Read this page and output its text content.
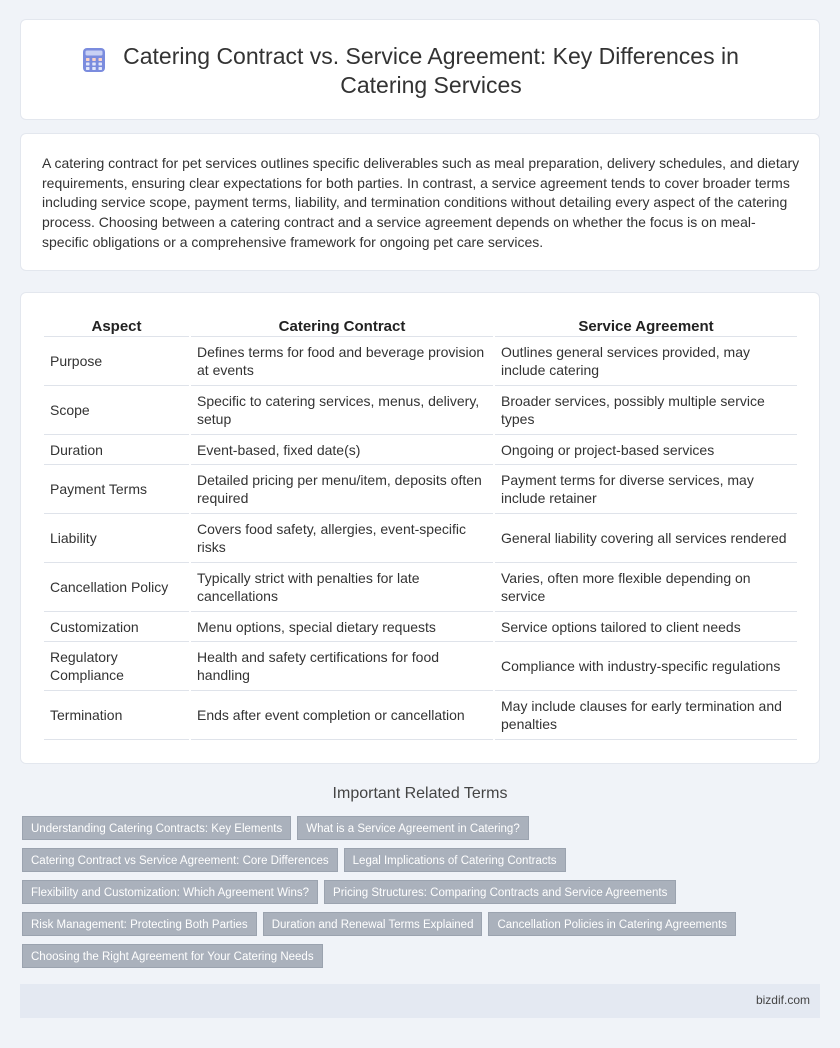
Catering Contract vs. Service Agreement: Key Differences in Catering Services

A catering contract for pet services outlines specific deliverables such as meal preparation, delivery schedules, and dietary requirements, ensuring clear expectations for both parties. In contrast, a service agreement tends to cover broader terms including service scope, payment terms, liability, and termination conditions without detailing every aspect of the catering process. Choosing between a catering contract and a service agreement depends on whether the focus is on meal-specific obligations or a comprehensive framework for ongoing pet care services.

Aspect	Catering Contract	Service Agreement
Purpose	Defines terms for food and beverage provision at events	Outlines general services provided, may include catering
Scope	Specific to catering services, menus, delivery, setup	Broader services, possibly multiple service types
Duration	Event-based, fixed date(s)	Ongoing or project-based services
Payment Terms	Detailed pricing per menu/item, deposits often required	Payment terms for diverse services, may include retainer
Liability	Covers food safety, allergies, event-specific risks	General liability covering all services rendered
Cancellation Policy	Typically strict with penalties for late cancellations	Varies, often more flexible depending on service
Customization	Menu options, special dietary requests	Service options tailored to client needs
Regulatory Compliance	Health and safety certifications for food handling	Compliance with industry-specific regulations
Termination	Ends after event completion or cancellation	May include clauses for early termination and penalties
Important Related Terms
Understanding Catering Contracts: Key Elements	What is a Service Agreement in Catering?
Catering Contract vs Service Agreement: Core Differences	Legal Implications of Catering Contracts
Flexibility and Customization: Which Agreement Wins?	Pricing Structures: Comparing Contracts and Service Agreements
Risk Management: Protecting Both Parties	Duration and Renewal Terms Explained	Cancellation Policies in Catering Agreements
Choosing the Right Agreement for Your Catering Needs
bizdif.com
